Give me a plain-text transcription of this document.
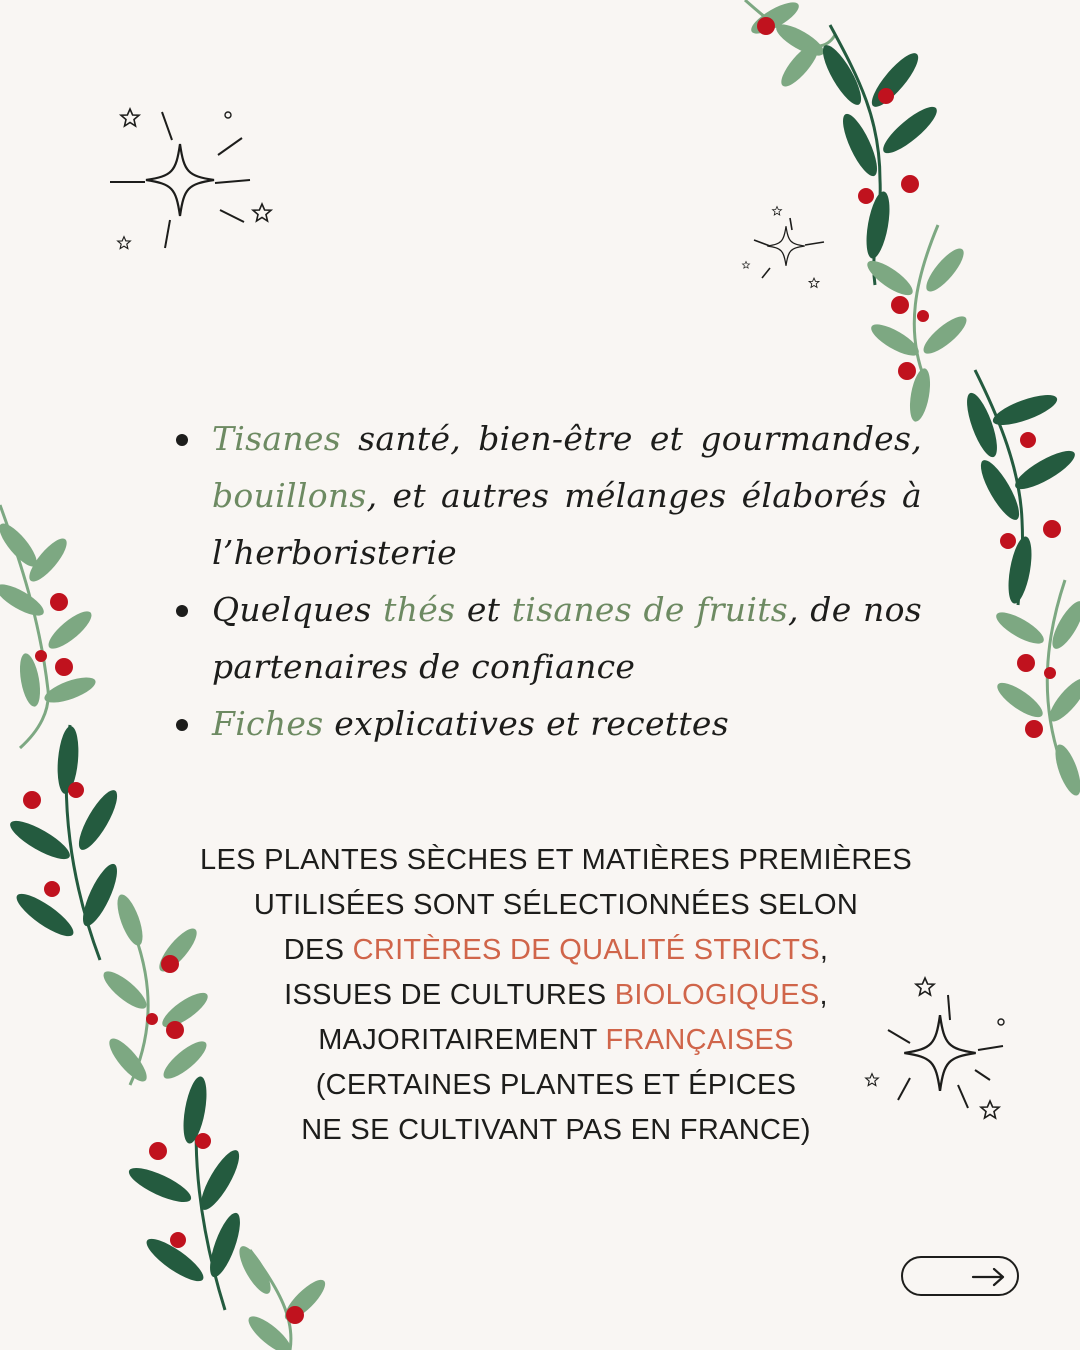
Tisanes santé, bien-être et gourmandes, bouillons, et autres mélanges élaborés à l’herboristerie
Quelques thés et tisanes de fruits, de nos partenaires de confiance
Fiches explicatives et recettes
LES PLANTES SÈCHES ET MATIÈRES PREMIÈRES
UTILISÉES SONT SÉLECTIONNÉES SELON
DES CRITÈRES DE QUALITÉ STRICTS,
ISSUES DE CULTURES BIOLOGIQUES,
MAJORITAIREMENT FRANÇAISES
(CERTAINES PLANTES ET ÉPICES
NE SE CULTIVANT PAS EN FRANCE)
